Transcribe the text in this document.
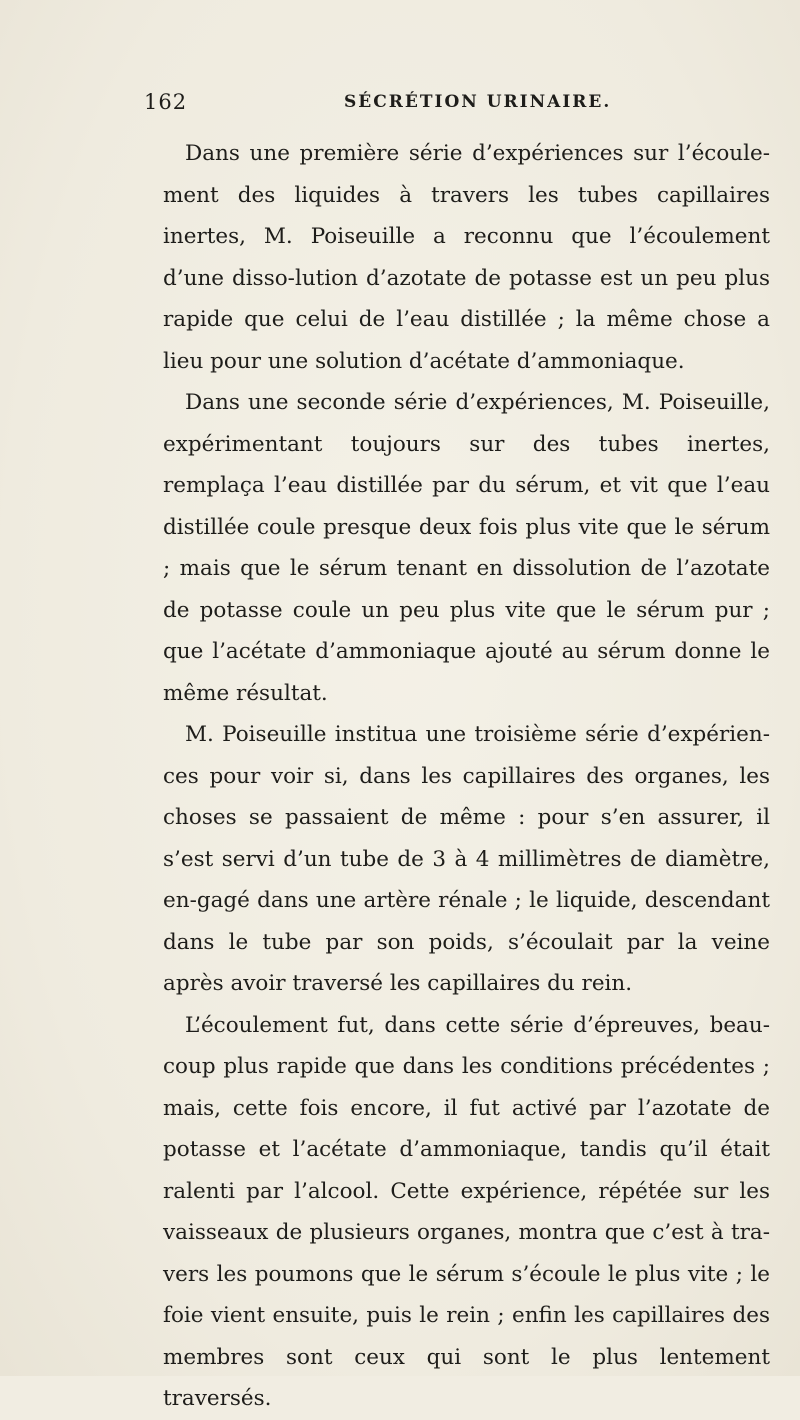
162	SÉCRÉTION URINAIRE.

Dans une première série d’expériences sur l’écoule-ment des liquides à travers les tubes capillaires inertes, M. Poiseuille a reconnu que l’écoulement d’une disso-lution d’azotate de potasse est un peu plus rapide que celui de l’eau distillée ; la même chose a lieu pour une solution d’acétate d’ammoniaque.

Dans une seconde série d’expériences, M. Poiseuille, expérimentant toujours sur des tubes inertes, remplaça l’eau distillée par du sérum, et vit que l’eau distillée coule presque deux fois plus vite que le sérum ; mais que le sérum tenant en dissolution de l’azotate de potasse coule un peu plus vite que le sérum pur ; que l’acétate d’ammoniaque ajouté au sérum donne le même résultat.

M. Poiseuille institua une troisième série d’expérien-ces pour voir si, dans les capillaires des organes, les choses se passaient de même : pour s’en assurer, il s’est servi d’un tube de 3 à 4 millimètres de diamètre, en-gagé dans une artère rénale ; le liquide, descendant dans le tube par son poids, s’écoulait par la veine après avoir traversé les capillaires du rein.

L’écoulement fut, dans cette série d’épreuves, beau-coup plus rapide que dans les conditions précédentes ; mais, cette fois encore, il fut activé par l’azotate de potasse et l’acétate d’ammoniaque, tandis qu’il était ralenti par l’alcool. Cette expérience, répétée sur les vaisseaux de plusieurs organes, montra que c’est à tra-vers les poumons que le sérum s’écoule le plus vite ; le foie vient ensuite, puis le rein ; enfin les capillaires des membres sont ceux qui sont le plus lentement traversés.
